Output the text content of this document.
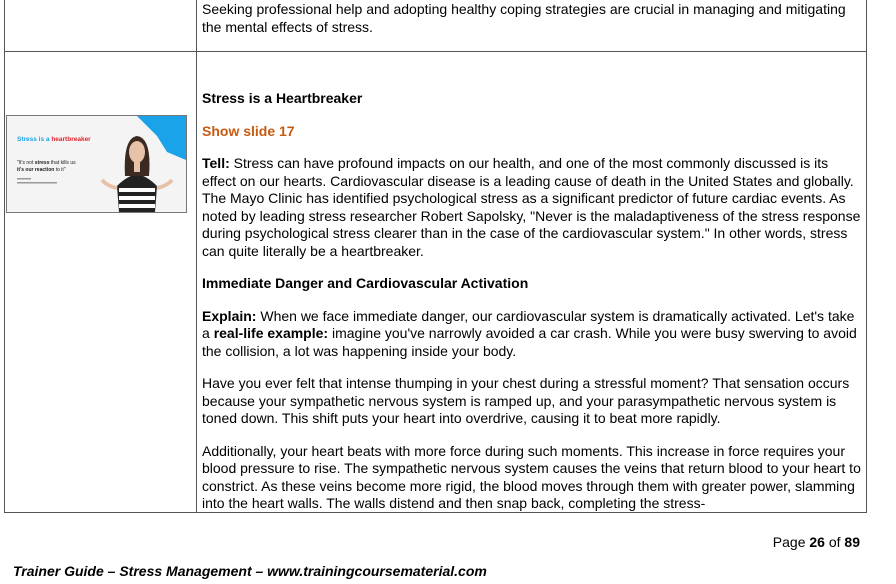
Seeking professional help and adopting healthy coping strategies are crucial in managing and mitigating the mental effects of stress.

Stress is a Heartbreaker

Show slide 17

Tell: Stress can have profound impacts on our health, and one of the most commonly discussed is its effect on our hearts. Cardiovascular disease is a leading cause of death in the United States and globally. The Mayo Clinic has identified psychological stress as a significant predictor of future cardiac events. As noted by leading stress researcher Robert Sapolsky, "Never is the maladaptiveness of the stress response during psychological stress clearer than in the case of the cardiovascular system." In other words, stress can quite literally be a heartbreaker.

Immediate Danger and Cardiovascular Activation

Explain: When we face immediate danger, our cardiovascular system is dramatically activated. Let's take a real-life example: imagine you've narrowly avoided a car crash. While you were busy swerving to avoid the collision, a lot was happening inside your body.

Have you ever felt that intense thumping in your chest during a stressful moment? That sensation occurs because your sympathetic nervous system is ramped up, and your parasympathetic nervous system is toned down. This shift puts your heart into overdrive, causing it to beat more rapidly.

Additionally, your heart beats with more force during such moments. This increase in force requires your blood pressure to rise. The sympathetic nervous system causes the veins that return blood to your heart to constrict. As these veins become more rigid, the blood moves through them with greater power, slamming into the heart walls. The walls distend and then snap back, completing the stress-

Stress is a heartbreaker
"It's not stress that kills us
it's our reaction to it"
Page 26 of 89
Trainer Guide – Stress Management – www.trainingcoursematerial.com
